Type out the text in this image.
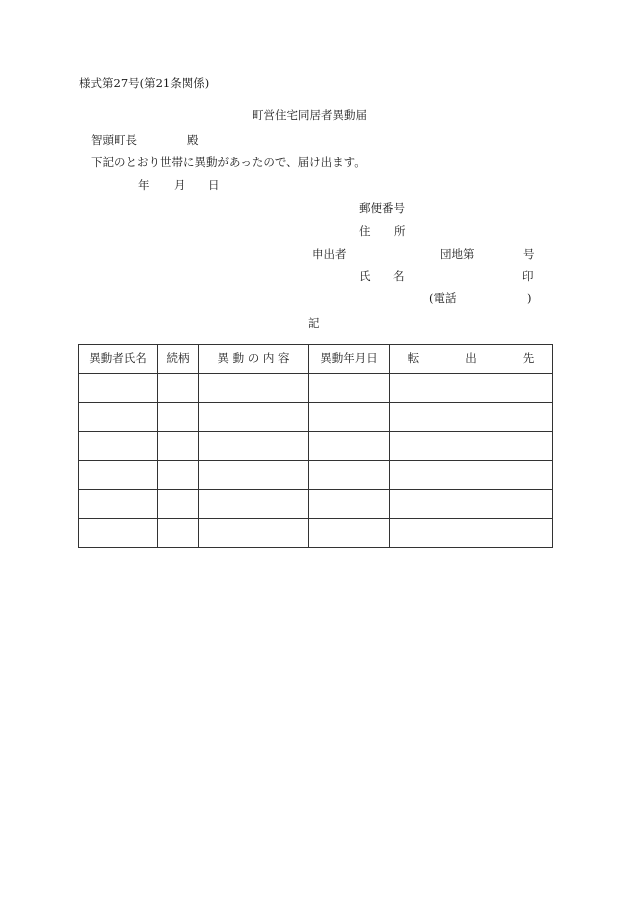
様式第27号(第21条関係)
町営住宅同居者異動届
智頭町長	殿
下記のとおり世帯に異動があったので、届け出ます。
年 月 日
郵便番号
住 所
申出者	団地第	号
氏 名	印
(電話	)
記
異動者氏名	続柄	異 動 の 内 容	異動年月日	転　　　　出　　　　先
